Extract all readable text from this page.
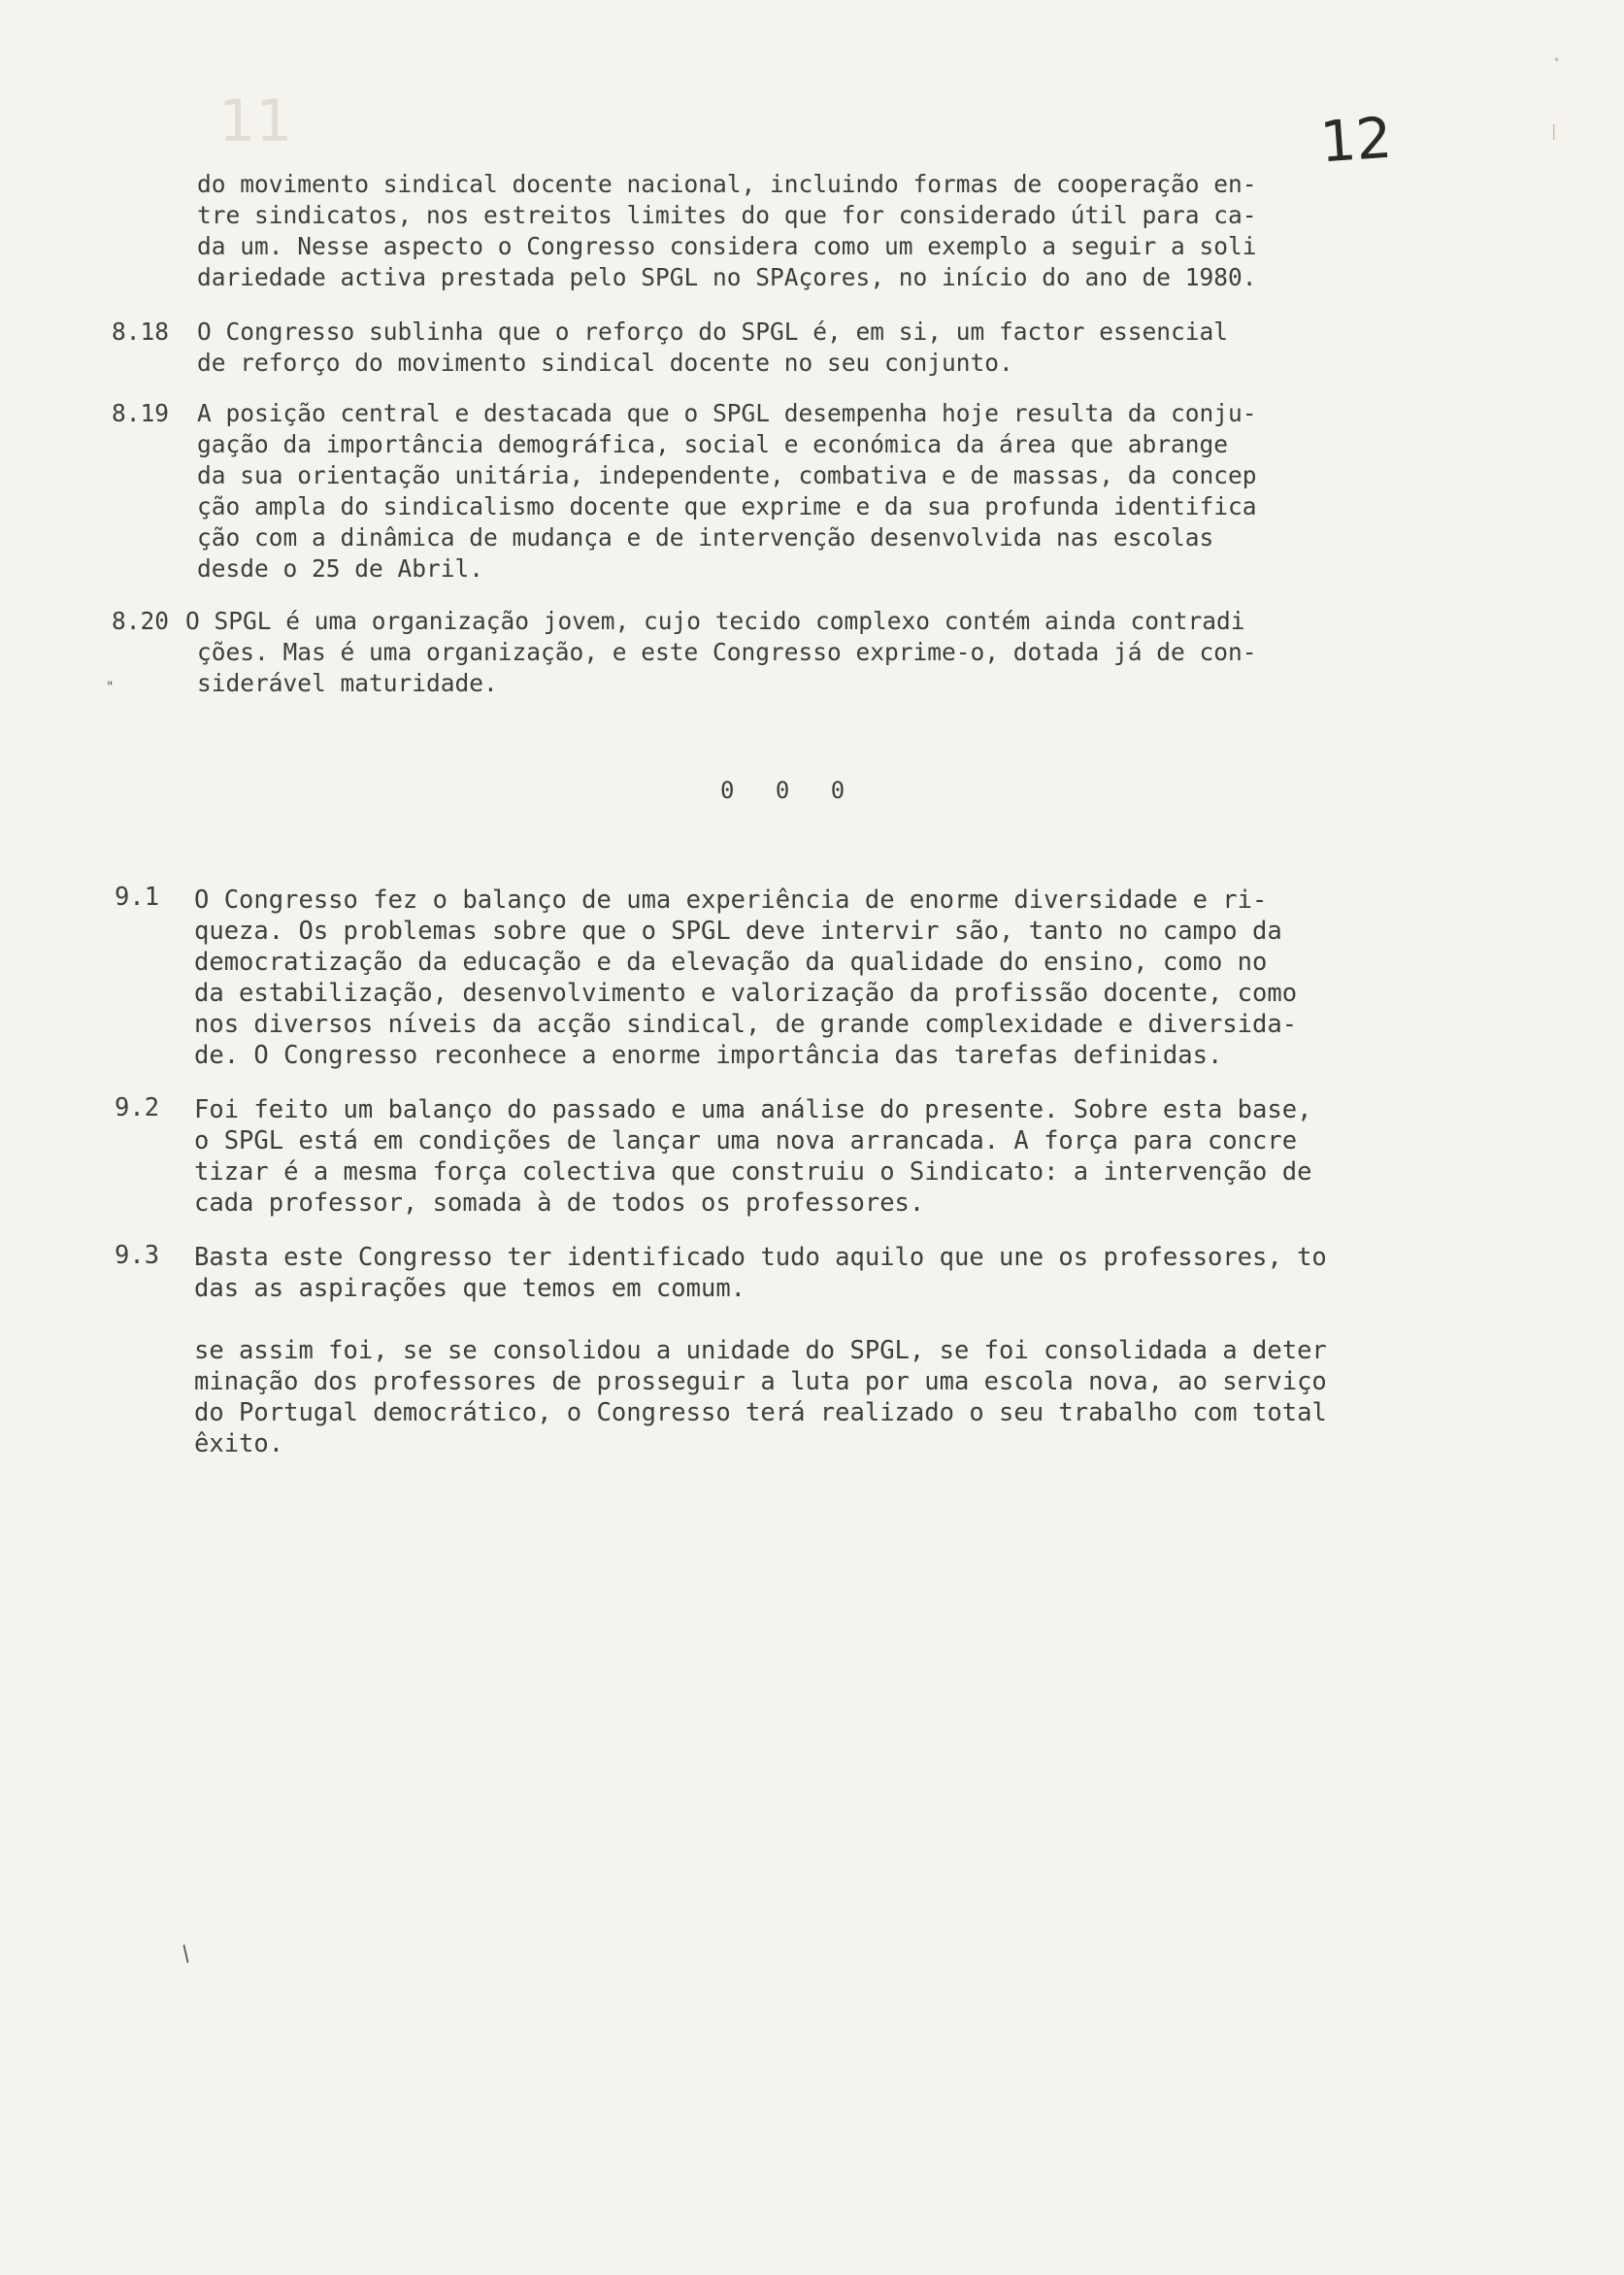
11	12
do movimento sindical docente nacional, incluindo formas de cooperação en-
tre sindicatos, nos estreitos limites do que for considerado útil para ca-
da um. Nesse aspecto o Congresso considera como um exemplo a seguir a soli
dariedade activa prestada pelo SPGL no SPAçores, no início do ano de 1980.
8.18 O Congresso sublinha que o reforço do SPGL é, em si, um factor essencial
de reforço do movimento sindical docente no seu conjunto.
8.19 A posição central e destacada que o SPGL desempenha hoje resulta da conju-
gação da importância demográfica, social e económica da área que abrange
da sua orientação unitária, independente, combativa e de massas, da concep
ção ampla do sindicalismo docente que exprime e da sua profunda identifica
ção com a dinâmica de mudança e de intervenção desenvolvida nas escolas
desde o 25 de Abril.
8.20 O SPGL é uma organização jovem, cujo tecido complexo contém ainda contradi
ções. Mas é uma organização, e este Congresso exprime-o, dotada já de con-
siderável maturidade.
"
0 0 0
9.1 O Congresso fez o balanço de uma experiência de enorme diversidade e ri-
queza. Os problemas sobre que o SPGL deve intervir são, tanto no campo da
democratização da educação e da elevação da qualidade do ensino, como no
da estabilização, desenvolvimento e valorização da profissão docente, como
nos diversos níveis da acção sindical, de grande complexidade e diversida-
de. O Congresso reconhece a enorme importância das tarefas definidas.
9.2 Foi feito um balanço do passado e uma análise do presente. Sobre esta base,
o SPGL está em condições de lançar uma nova arrancada. A força para concre
tizar é a mesma força colectiva que construiu o Sindicato: a intervenção de
cada professor, somada à de todos os professores.
9.3 Basta este Congresso ter identificado tudo aquilo que une os professores, to
das as aspirações que temos em comum.
se assim foi, se se consolidou a unidade do SPGL, se foi consolidada a deter
minação dos professores de prosseguir a luta por uma escola nova, ao serviço
do Portugal democrático, o Congresso terá realizado o seu trabalho com total
êxito.
/
•
|
